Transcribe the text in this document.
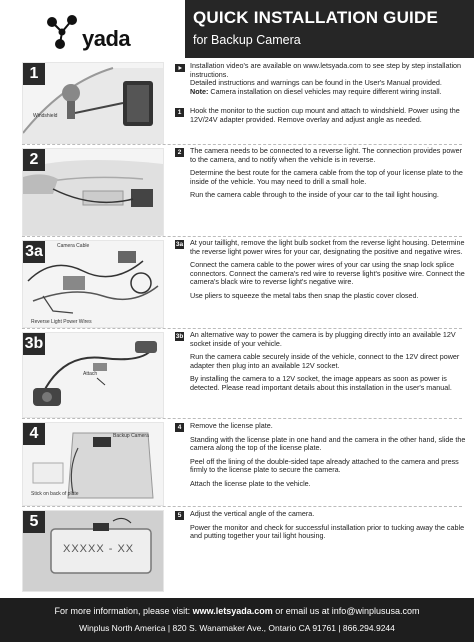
yada
QUICK INSTALLATION GUIDE
for Backup Camera
1
Windshield
Installation video's are available on www.letsyada.com to see step by step installation instructions.
Detailed instructions and warnings can be found in the User's Manual provided.
Note: Camera installation on diesel vehicles may require different wiring install.
1	Hook the monitor to the suction cup mount and attach to windshield. Power using the 12V/24V adapter provided. Remove overlay and adjust angle as needed.

2	2	The camera needs to be connected to a reverse light. The connection provides power to the camera, and to notify when the vehicle is in reverse.

Determine the best route for the camera cable from the top of your license plate to the inside of the vehicle. You may need to drill a small hole.

Run the camera cable through to the inside of your car to the tail light housing.

3a	Camera Cable
Reverse Light Power Wires
3a At your taillight, remove the light bulb socket from the reverse light housing. Determine the reverse light power wires for your car, designating the positive and negative wires.

Connect the camera cable to the power wires of your car using the snap lock splice connectors. Connect the camera's red wire to reverse light's positive wire. Connect the camera's black wire to reverse light's negative wire.

Use pliers to squeeze the metal tabs then snap the plastic cover closed.

3b
Attach
3b An alternative way to power the camera is by plugging directly into an available 12V socket inside of your vehicle.

Run the camera cable securely inside of the vehicle, connect to the 12V direct power adapter then plug into an available 12V socket.

By installing the camera to a 12V socket, the image appears as soon as power is detected. Please read important details about this installation in the user's manual.

4	Backup Camera
Stick on back of plate
4	Remove the license plate.

Standing with the license plate in one hand and the camera in the other hand, slide the camera along the top of the license plate.

Peel off the lining of the double-sided tape already attached to the camera and press firmly to the license plate to secure the camera.

Attach the license plate to the vehicle.

5
XXXXX - XX
5	Adjust the vertical angle of the camera.

Power the monitor and check for successful installation prior to tucking away the cable and putting together your tail light housing.

For more information, please visit: www.letsyada.com or email us at info@winplususa.com
Winplus North America | 820 S. Wanamaker Ave., Ontario CA 91761 | 866.294.9244
